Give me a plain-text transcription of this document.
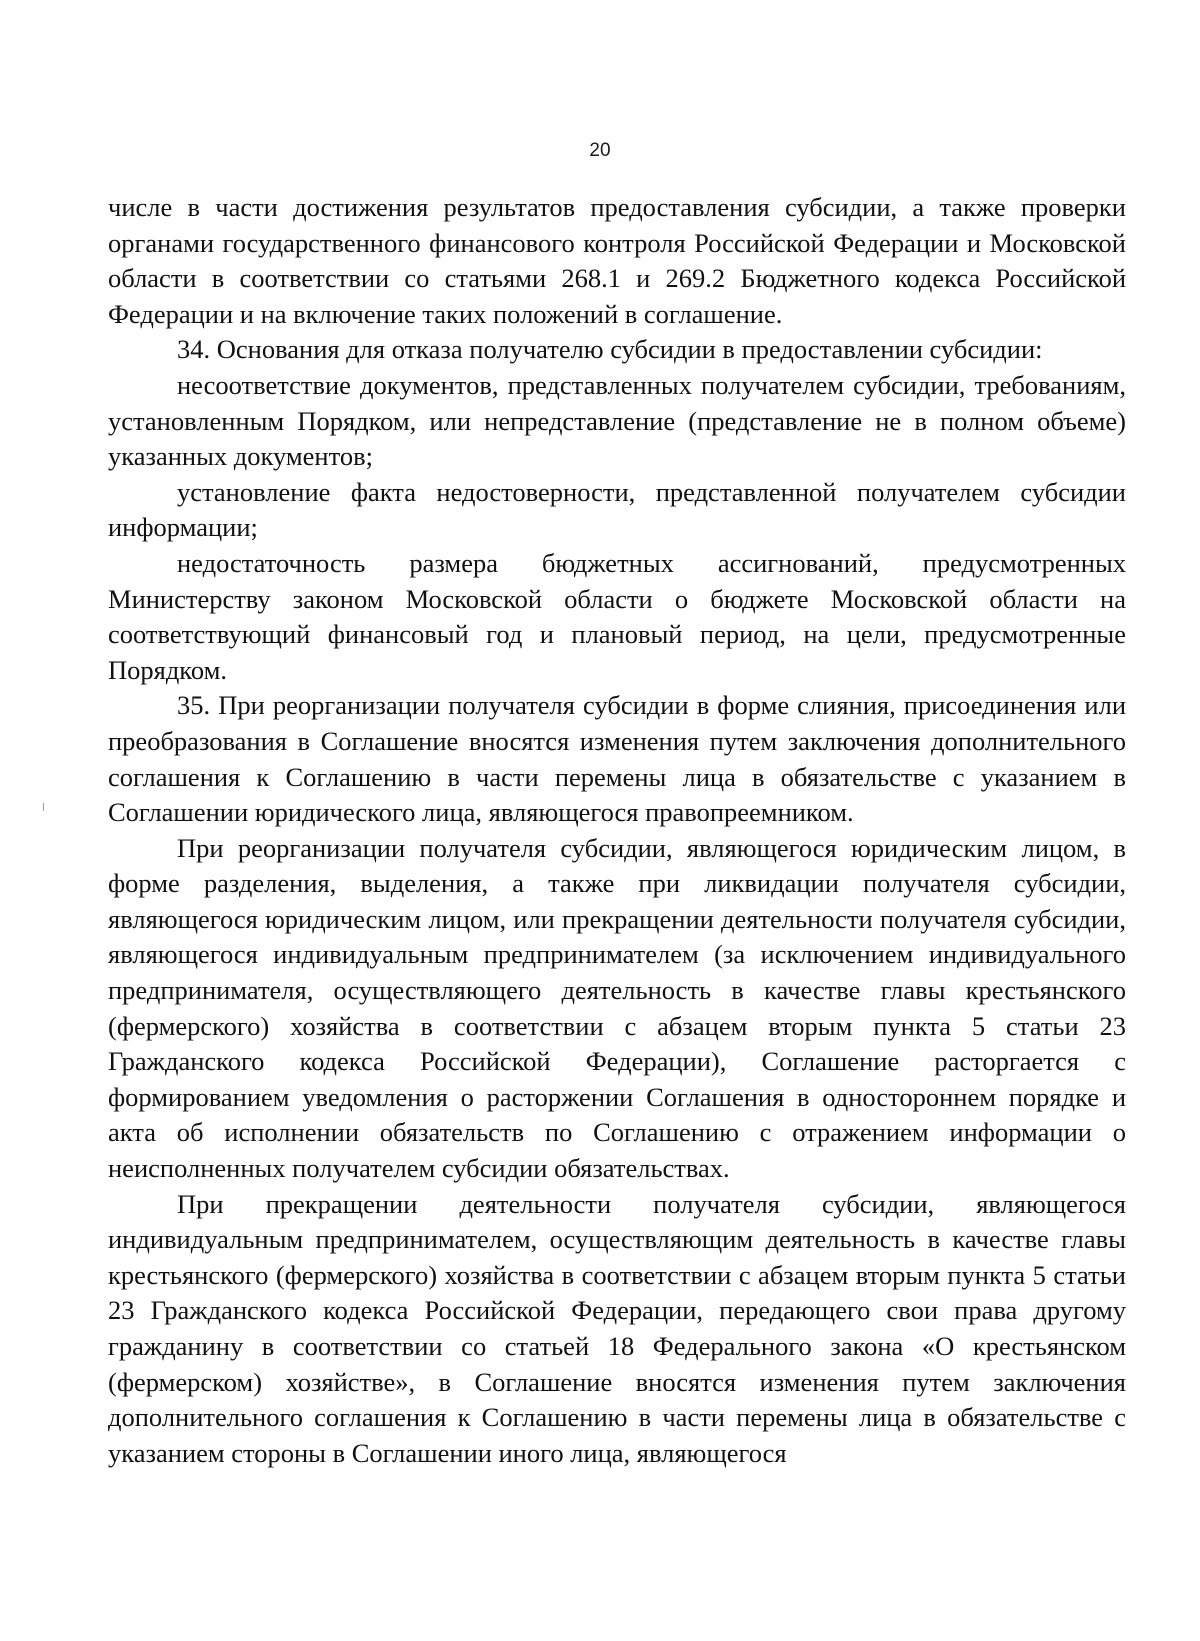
20

числе в части достижения результатов предоставления субсидии, а также проверки органами государственного финансового контроля Российской Федерации и Московской области в соответствии со статьями 268.1 и 269.2 Бюджетного кодекса Российской Федерации и на включение таких положений в соглашение.

34. Основания для отказа получателю субсидии в предоставлении субсидии:

несоответствие документов, представленных получателем субсидии, требованиям, установленным Порядком, или непредставление (представление не в полном объеме) указанных документов;

установление факта недостоверности, представленной получателем субсидии информации;

недостаточность размера бюджетных ассигнований, предусмотренных Министерству законом Московской области о бюджете Московской области на соответствующий финансовый год и плановый период, на цели, предусмотренные Порядком.

35. При реорганизации получателя субсидии в форме слияния, присоединения или преобразования в Соглашение вносятся изменения путем заключения дополнительного соглашения к Соглашению в части перемены лица в обязательстве с указанием в Соглашении юридического лица, являющегося правопреемником.

При реорганизации получателя субсидии, являющегося юридическим лицом, в форме разделения, выделения, а также при ликвидации получателя субсидии, являющегося юридическим лицом, или прекращении деятельности получателя субсидии, являющегося индивидуальным предпринимателем (за исключением индивидуального предпринимателя, осуществляющего деятельность в качестве главы крестьянского (фермерского) хозяйства в соответствии с абзацем вторым пункта 5 статьи 23 Гражданского кодекса Российской Федерации), Соглашение расторгается с формированием уведомления о расторжении Соглашения в одностороннем порядке и акта об исполнении обязательств по Соглашению с отражением информации о неисполненных получателем субсидии обязательствах.

При прекращении деятельности получателя субсидии, являющегося индивидуальным предпринимателем, осуществляющим деятельность в качестве главы крестьянского (фермерского) хозяйства в соответствии с абзацем вторым пункта 5 статьи 23 Гражданского кодекса Российской Федерации, передающего свои права другому гражданину в соответствии со статьей 18 Федерального закона «О крестьянском (фермерском) хозяйстве», в Соглашение вносятся изменения путем заключения дополнительного соглашения к Соглашению в части перемены лица в обязательстве с указанием стороны в Соглашении иного лица, являющегося
